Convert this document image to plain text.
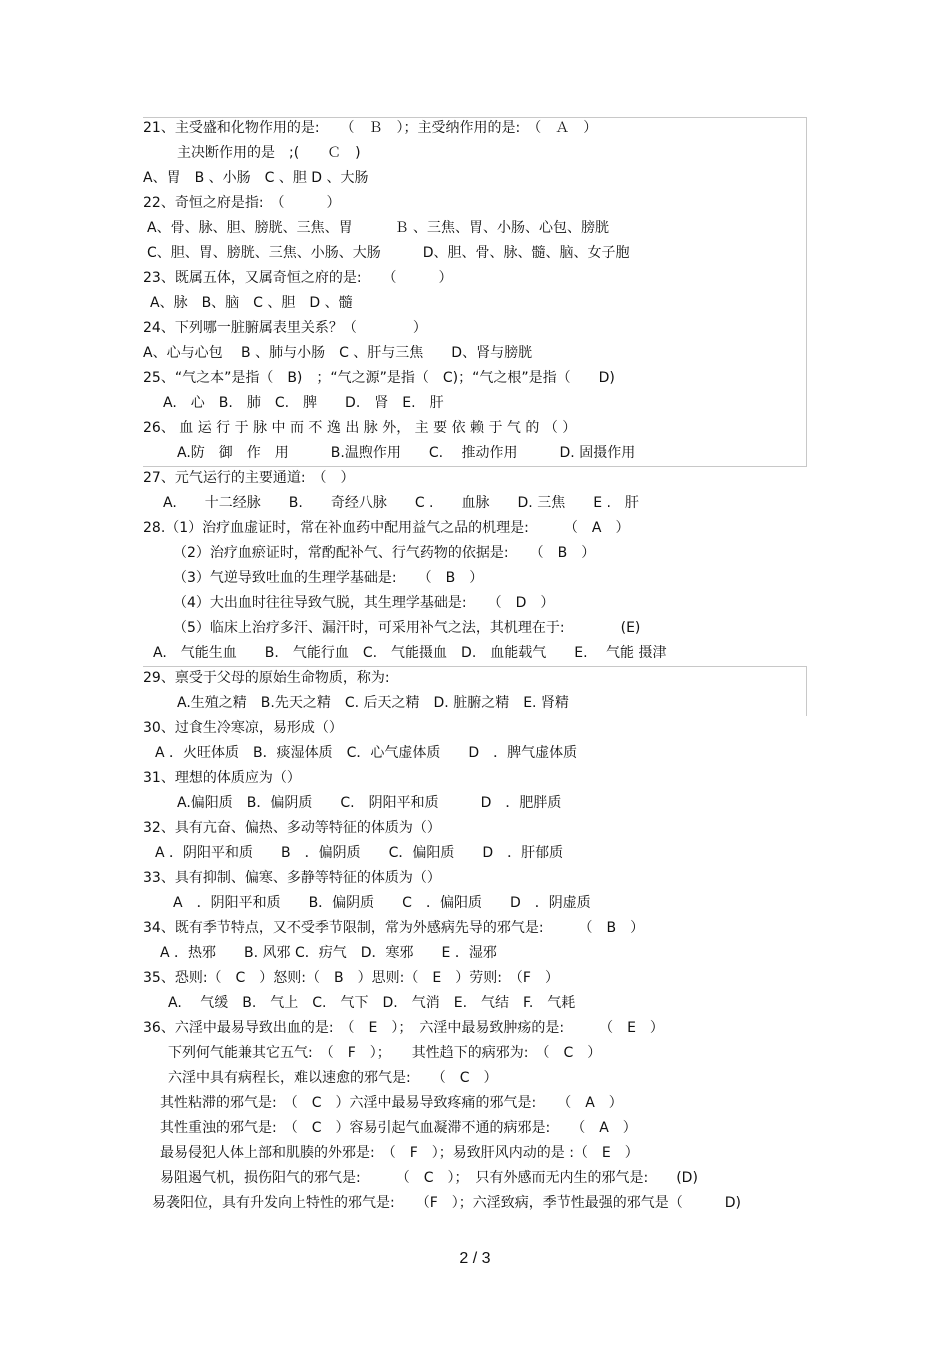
21、主受盛和化物作用的是:　　（　Ｂ　）；主受纳作用的是:　（　Ａ　）
主决断作用的是　;(　　Ｃ　)
A、胃　B 、小肠　C 、胆 D 、大肠
22、奇恒之府是指:　（　　　）
A、骨、脉、胆、膀胱、三焦、胃　　　Ｂ 、三焦、胃、小肠、心包、膀胱
C、胆、胃、膀胱、三焦、小肠、大肠　　　D、胆、骨、脉、髓、脑、女子胞
23、既属五体，又属奇恒之府的是:　　（　　　）
A、脉　B、脑　C 、胆　D 、髓
24、下列哪一脏腑属表里关系？（　　　　）
A、心与心包　 B 、肺与小肠　C 、肝与三焦　　D、肾与膀胱
25、“气之本”是指（　B)　；“气之源”是指（　C)；“气之根”是指（　　D)
A.　心　B.　肺　C.　脾　　D.　肾　E.　肝
26、 血 运 行 于 脉 中 而 不 逸 出 脉 外， 主 要 依 赖 于 气 的 （ ）
A.防　御　作　用　　　B.温煦作用　　C.　 推动作用　　　D. 固摄作用
27、元气运行的主要通道:　（　）
A.　　十二经脉　　B.　　奇经八脉　　C .　　血脉　　D. 三焦　　E .　肝
28.（1）治疗血虚证时，常在补血药中配用益气之品的机理是:　　　（　A　）
（2）治疗血瘀证时，常酌配补气、行气药物的依据是:　　（　B　）
（3）气逆导致吐血的生理学基础是:　　（　B　）
（4）大出血时往往导致气脱，其生理学基础是:　　（　D　）
（5）临床上治疗多汗、漏汗时，可采用补气之法，其机理在于:　　　　(E)
A.　气能生血　　B.　气能行血　C.　气能摄血　D.　血能载气　　E.　 气能 摄津
29、禀受于父母的原始生命物质，称为:
A.生殖之精　B.先天之精　C. 后天之精　D. 脏腑之精　E. 肾精
30、过食生冷寒凉，易形成（）
A ．火旺体质　B．痰湿体质　C．心气虚体质　　D　．脾气虚体质
31、理想的体质应为（）
A.偏阳质　B．偏阴质　　C.　阴阳平和质　　　D　．肥胖质
32、具有亢奋、偏热、多动等特征的体质为（）
A ．阴阳平和质　　B　．偏阴质　　C．偏阳质　　D　．肝郁质
33、具有抑制、偏寒、多静等特征的体质为（）
A　．阴阳平和质　　B．偏阴质　　C　．偏阳质　　D　．阴虚质
34、既有季节特点，又不受季节限制，常为外感病先导的邪气是:　　　（　B　）
A ．热邪　　B. 风邪 C．疠气　D．寒邪　　E ．湿邪
35、恐则:（　C　）怒则:（　B　）思则:（　E　）劳则:　（F　）
A.　 气缓　B.　气上　C.　气下　D.　气消　E.　气结　F.　气耗
36、六淫中最易导致出血的是:　（　E　）；　六淫中最易致肿疡的是:　　　（　E　）
下列何气能兼其它五气:　（　F　）；　　其性趋下的病邪为:　（　C　）
六淫中具有病程长，难以速愈的邪气是:　　（　C　）
其性粘滞的邪气是:　（　C　）六淫中最易导致疼痛的邪气是:　　（　A　）
其性重浊的邪气是:　（　C　）容易引起气血凝滞不通的病邪是:　　（　A　）
最易侵犯人体上部和肌腠的外邪是:　（　F　）；易致肝风内动的是 :（　E　）
易阻遏气机，损伤阳气的邪气是:　　　（　C　）；　只有外感而无内生的邪气是:　　(D)
易袭阳位，具有升发向上特性的邪气是:　　（F　）；六淫致病，季节性最强的邪气是（　　　D)
2 / 3
